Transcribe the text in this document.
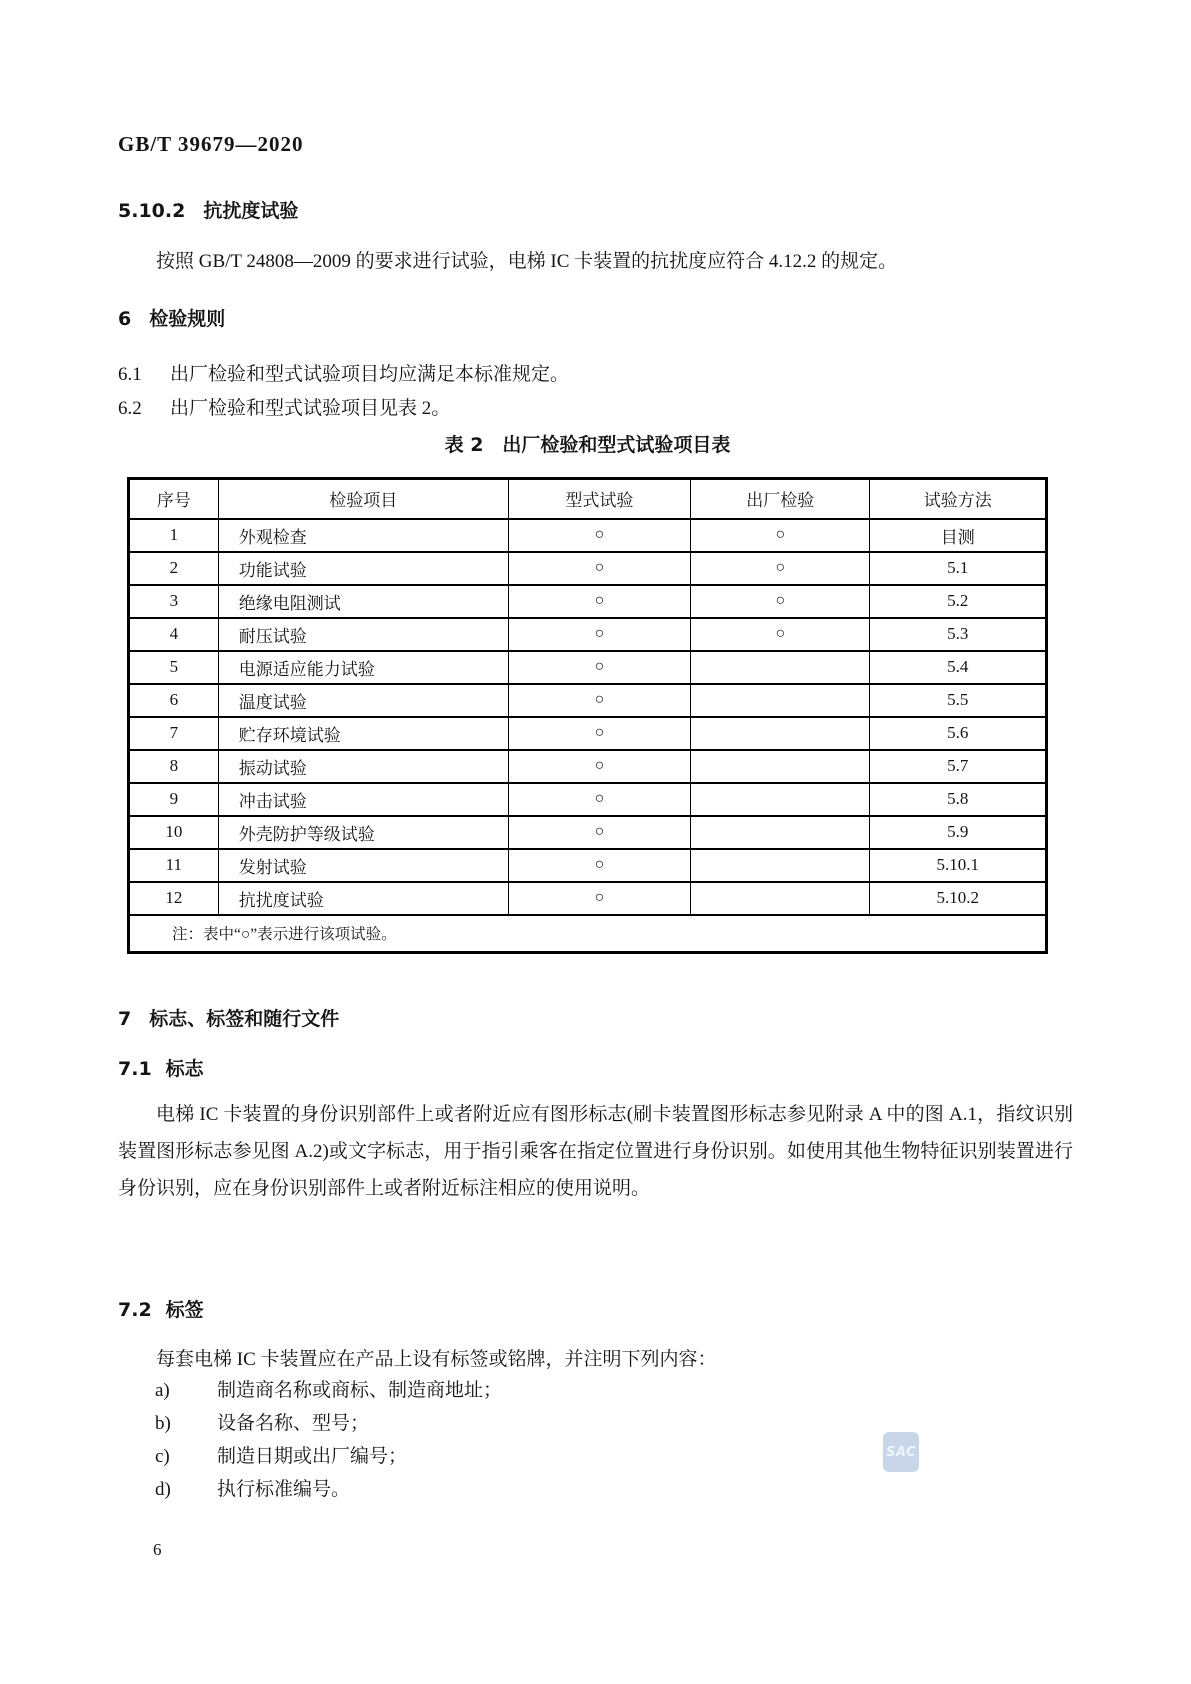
GB/T 39679—2020
5.10.2 抗扰度试验
按照 GB/T 24808—2009 的要求进行试验，电梯 IC 卡装置的抗扰度应符合 4.12.2 的规定。
6 检验规则
6.1 出厂检验和型式试验项目均应满足本标准规定。
6.2 出厂检验和型式试验项目见表 2。
表 2　出厂检验和型式试验项目表
序号	检验项目	型式试验	出厂检验	试验方法
1	外观检查	○	○	目测
2	功能试验	○	○	5.1
3	绝缘电阻测试	○	○	5.2
4	耐压试验	○	○	5.3
5	电源适应能力试验	○		5.4
6	温度试验	○		5.5
7	贮存环境试验	○		5.6
8	振动试验	○		5.7
9	冲击试验	○		5.8
10	外壳防护等级试验	○		5.9
11	发射试验	○		5.10.1
12	抗扰度试验	○		5.10.2
注：表中“○”表示进行该项试验。				
7 标志、标签和随行文件
7.1 标志
电梯 IC 卡装置的身份识别部件上或者附近应有图形标志(刷卡装置图形标志参见附录 A 中的图 A.1，指纹识别装置图形标志参见图 A.2)或文字标志，用于指引乘客在指定位置进行身份识别。如使用其他生物特征识别装置进行身份识别，应在身份识别部件上或者附近标注相应的使用说明。
7.2 标签
每套电梯 IC 卡装置应在产品上设有标签或铭牌，并注明下列内容：
a) 制造商名称或商标、制造商地址；
b) 设备名称、型号；
c) 制造日期或出厂编号；
d) 执行标准编号。
SAC
6
